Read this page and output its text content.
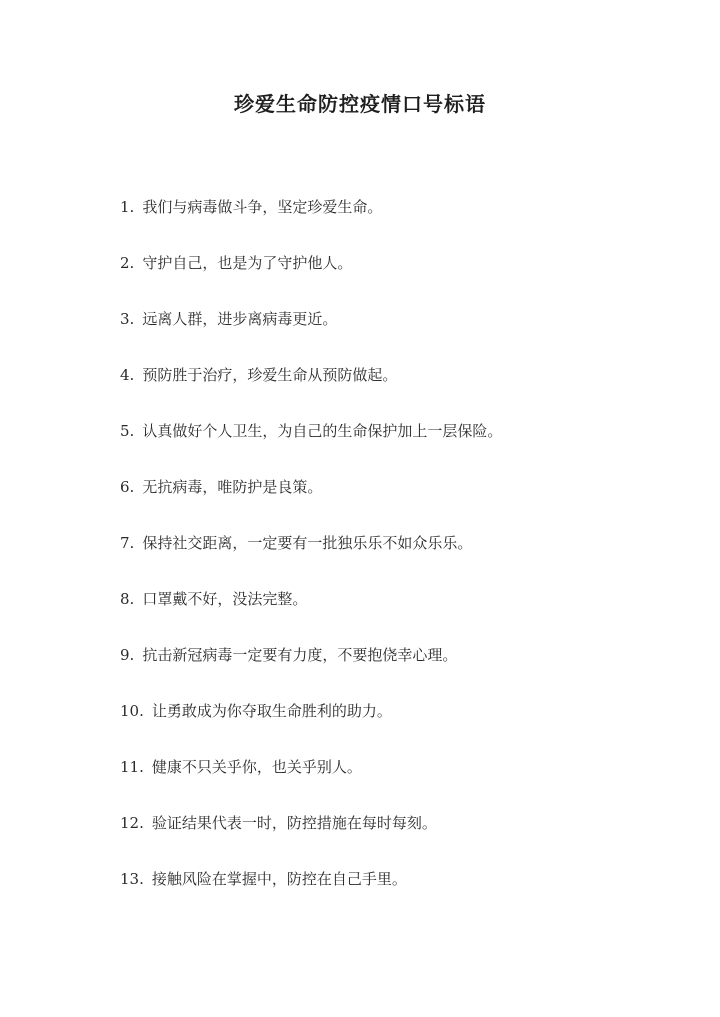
珍爱生命防控疫情口号标语
1. 我们与病毒做斗争，坚定珍爱生命。
2. 守护自己，也是为了守护他人。
3. 远离人群，进步离病毒更近。
4. 预防胜于治疗，珍爱生命从预防做起。
5. 认真做好个人卫生，为自己的生命保护加上一层保险。
6. 无抗病毒，唯防护是良策。
7. 保持社交距离，一定要有一批独乐乐不如众乐乐。
8. 口罩戴不好，没法完整。
9. 抗击新冠病毒一定要有力度，不要抱侥幸心理。
10. 让勇敢成为你夺取生命胜利的助力。
11. 健康不只关乎你，也关乎别人。
12. 验证结果代表一时，防控措施在每时每刻。
13. 接触风险在掌握中，防控在自己手里。
